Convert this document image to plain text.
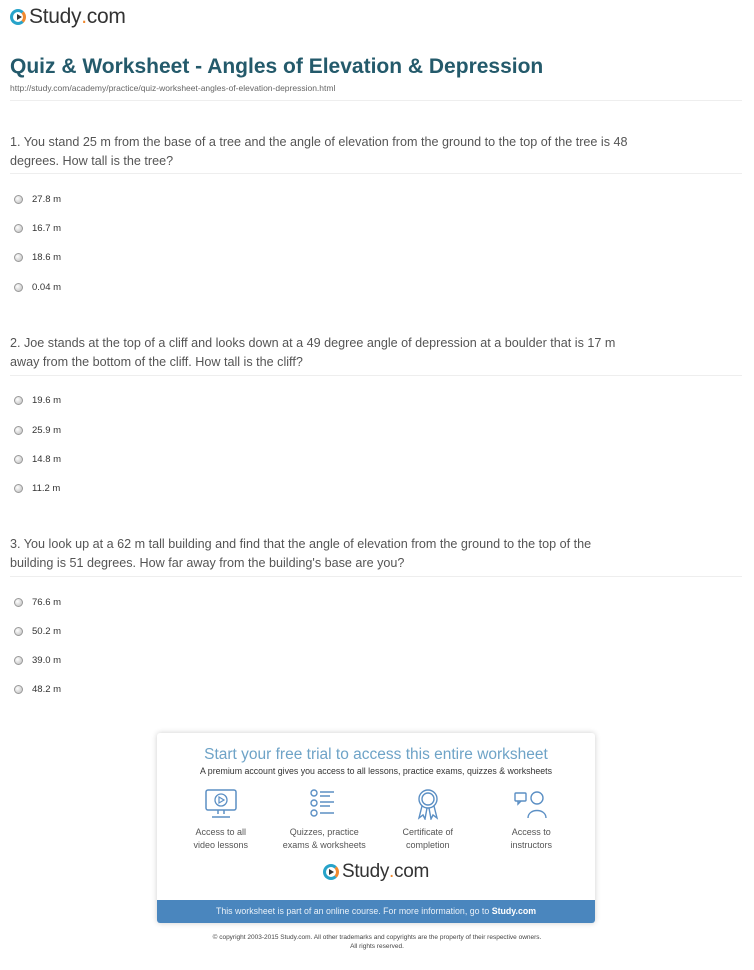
Study . com
Quiz & Worksheet - Angles of Elevation & Depression
http://study.com/academy/practice/quiz-worksheet-angles-of-elevation-depression.html
1. You stand 25 m from the base of a tree and the angle of elevation from the ground to the top of the tree is 48 degrees. How tall is the tree?
27.8 m
16.7 m
18.6 m
0.04 m
2. Joe stands at the top of a cliff and looks down at a 49 degree angle of depression at a boulder that is 17 m away from the bottom of the cliff. How tall is the cliff?
19.6 m
25.9 m
14.8 m
11.2 m
3. You look up at a 62 m tall building and find that the angle of elevation from the ground to the top of the building is 51 degrees. How far away from the building's base are you?
76.6 m
50.2 m
39.0 m
48.2 m
Start your free trial to access this entire worksheet
A premium account gives you access to all lessons, practice exams, quizzes & worksheets
Access to all
video lessons
Quizzes, practice
exams & worksheets
Certificate of
completion
Access to
instructors
Study . com
This worksheet is part of an online course. For more information, go to Study.com
© copyright 2003-2015 Study.com. All other trademarks and copyrights are the property of their respective owners.
All rights reserved.
